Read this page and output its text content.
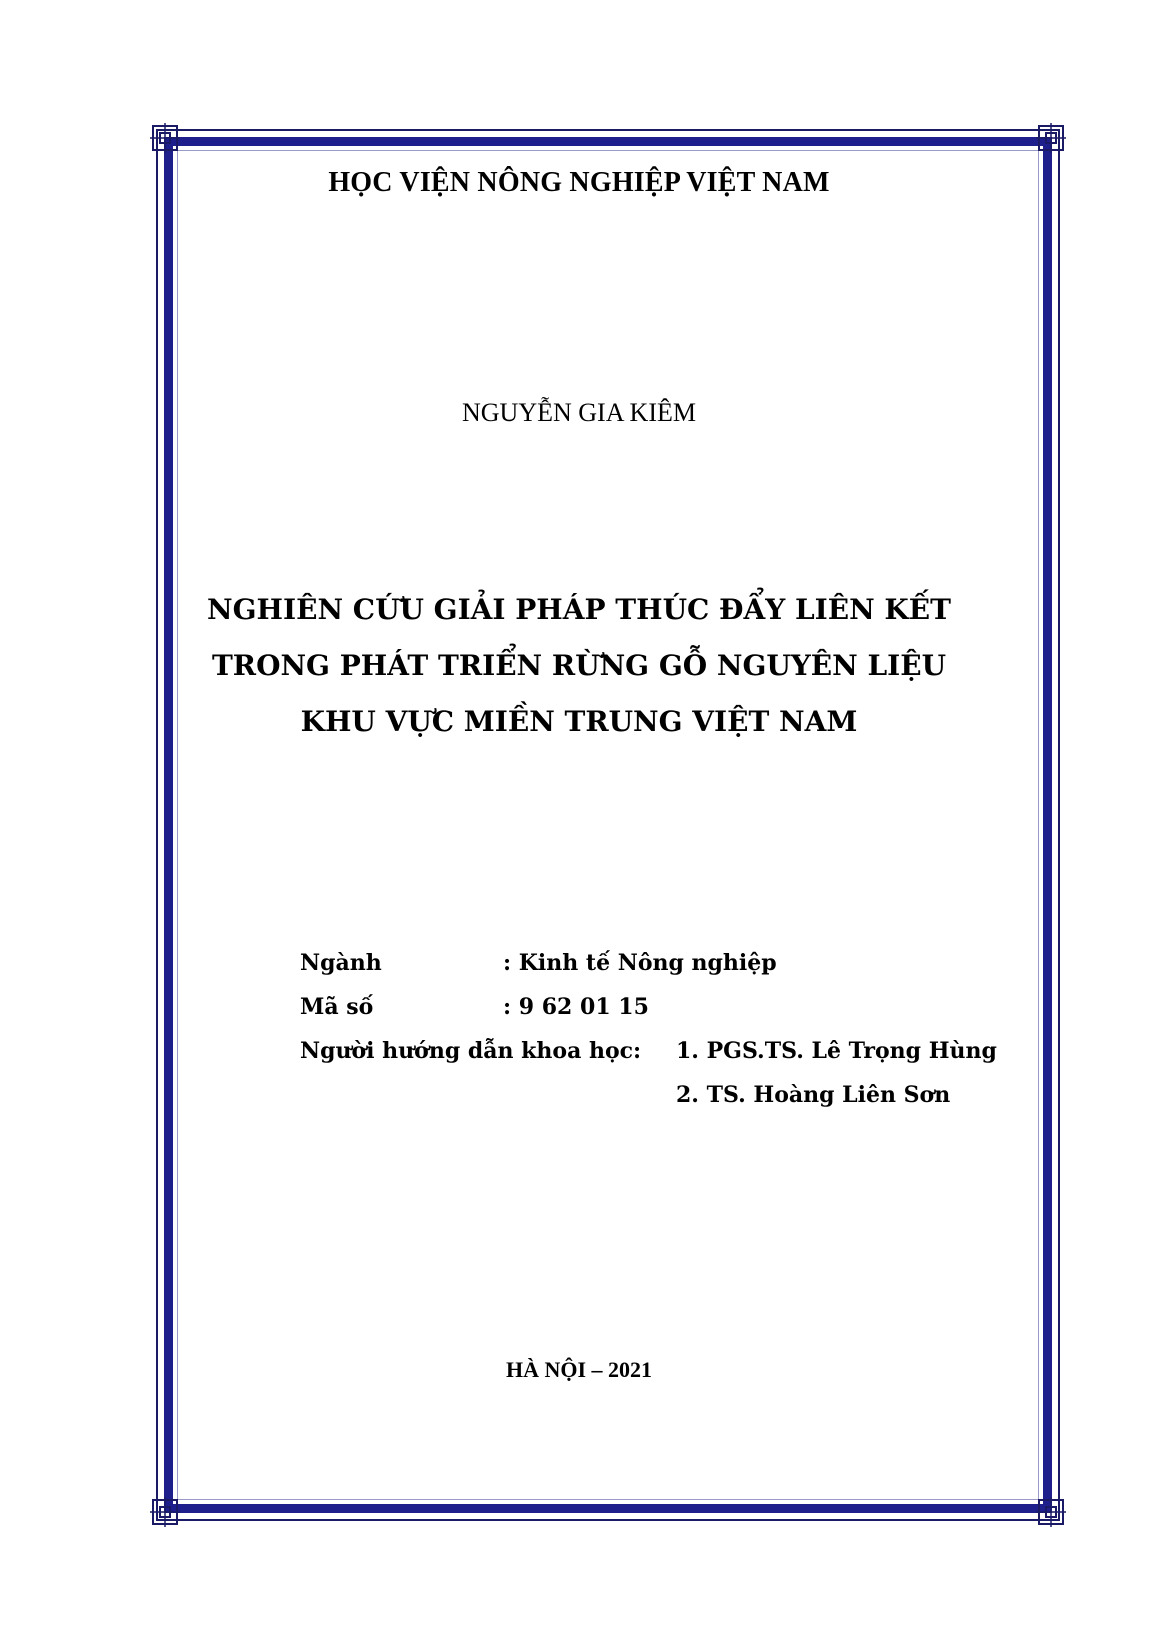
HỌC VIỆN NÔNG NGHIỆP VIỆT NAM
NGUYỄN GIA KIÊM
NGHIÊN CỨU GIẢI PHÁP THÚC ĐẨY LIÊN KẾT
TRONG PHÁT TRIỂN RỪNG GỖ NGUYÊN LIỆU
KHU VỰC MIỀN TRUNG VIỆT NAM
Ngành	: Kinh tế Nông nghiệp
Mã số	: 9 62 01 15
Người hướng dẫn khoa học: 1. PGS.TS. Lê Trọng Hùng
2. TS. Hoàng Liên Sơn
HÀ NỘI – 2021
